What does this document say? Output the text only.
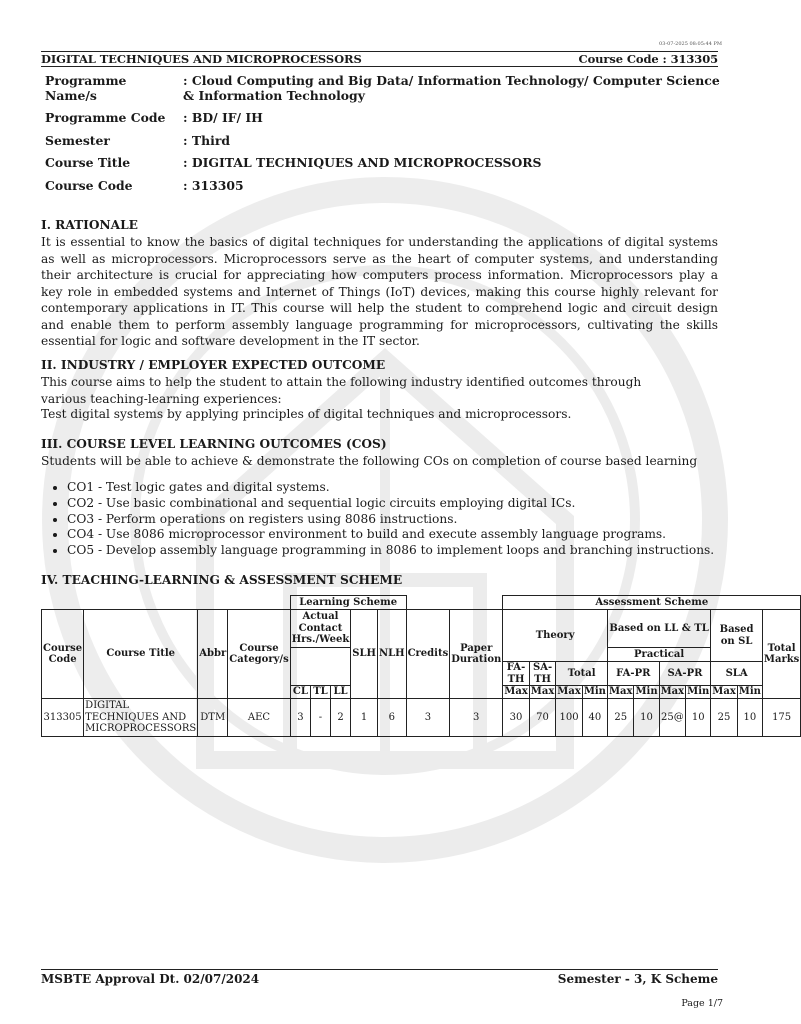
03-07-2025 08:05:44 PM
DIGITAL TECHNIQUES AND MICROPROCESSORS	Course Code : 313305
Programme Name/s	: Cloud Computing and Big Data/ Information Technology/ Computer Science & Information Technology
Programme Code	: BD/ IF/ IH
Semester	: Third
Course Title	: DIGITAL TECHNIQUES AND MICROPROCESSORS
Course Code	: 313305
I. RATIONALE
It is essential to know the basics of digital techniques for understanding the applications of digital systems as well as microprocessors. Microprocessors serve as the heart of computer systems, and understanding their architecture is crucial for appreciating how computers process information. Microprocessors play a key role in embedded systems and Internet of Things (IoT) devices, making this course highly relevant for contemporary applications in IT. This course will help the student to comprehend logic and circuit design and enable them to perform assembly language programming for microprocessors, cultivating the skills essential for logic and software development in the IT sector.
II. INDUSTRY / EMPLOYER EXPECTED OUTCOME
This course aims to help the student to attain the following industry identified outcomes through various teaching-learning experiences:
Test digital systems by applying principles of digital techniques and microprocessors.
III. COURSE LEVEL LEARNING OUTCOMES (COS)
Students will be able to achieve & demonstrate the following COs on completion of course based learning
• CO1 - Test logic gates and digital systems.
• CO2 - Use basic combinational and sequential logic circuits employing digital ICs.
• CO3 - Perform operations on registers using 8086 instructions.
• CO4 - Use 8086 microprocessor environment to build and execute assembly language programs.
• CO5 - Develop assembly language programming in 8086 to implement loops and branching instructions.
IV. TEACHING-LEARNING & ASSESSMENT SCHEME
				Learning Scheme							Assessment Scheme										
Course Code	Course Title	Abbr	Course Category/s	Actual Contact Hrs./Week			SLH	NLH	Credits	Paper Duration	Theory				Based on LL & TL				Based on SL		Total Marks
															Practical						
											FA-TH	SA-TH	Total		FA-PR		SA-PR		SLA		
				CL	TL	LL					Max	Max	Max	Min	Max	Min	Max	Min	Max	Min	
313305	DIGITAL TECHNIQUES AND MICROPROCESSORS	DTM	AEC	3	-	2	1	6	3	3	30	70	100	40	25	10	25@	10	25	10	175
MSBTE Approval Dt. 02/07/2024	Semester - 3, K Scheme
Page 1/7
